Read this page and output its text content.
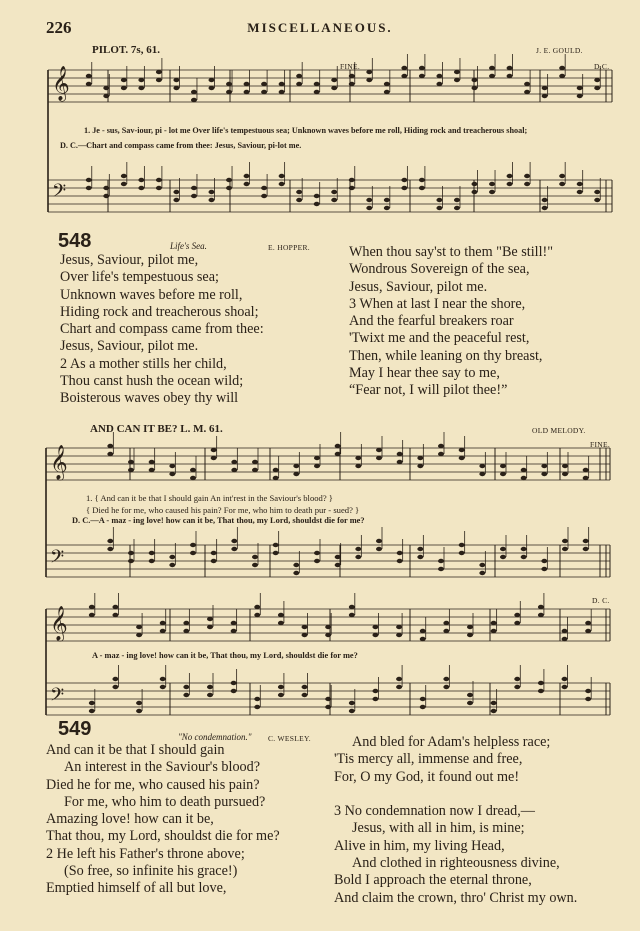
𝄞
𝄢
𝄞
𝄢
𝄞
𝄢
226	MISCELLANEOUS.
PILOT. 7s, 61.	J. E. GOULD.
FINE.	D.C.
1. Je - sus, Sav-iour, pi - lot me Over life's tempestuous sea; Unknown waves before me roll, Hiding rock and treacherous shoal;
D. C.—Chart and compass came from thee: Jesus, Saviour, pi-lot me.
548	Life's Sea.	E. HOPPER.
Jesus, Saviour, pilot me,
Over life's tempestuous sea;
Unknown waves before me roll,
Hiding rock and treacherous shoal;
Chart and compass came from thee:
Jesus, Saviour, pilot me.
2 As a mother stills her child,
Thou canst hush the ocean wild;
Boisterous waves obey thy will
When thou say'st to them "Be still!"
Wondrous Sovereign of the sea,
Jesus, Saviour, pilot me.
3 When at last I near the shore,
And the fearful breakers roar
'Twixt me and the peaceful rest,
Then, while leaning on thy breast,
May I hear thee say to me,
“Fear not, I will pilot thee!”
AND CAN IT BE? L. M. 61.	OLD MELODY.
FINE.
1. { And can it be that I should gain An int'rest in the Saviour's blood? }
{ Died he for me, who caused his pain? For me, who him to death pur - sued? }
D. C.—A - maz - ing love! how can it be, That thou, my Lord, shouldst die for me?
D. C.
A - maz - ing love! how can it be, That thou, my Lord, shouldst die for me?
549	"No condemnation." C. WESLEY.
And can it be that I should gain
An interest in the Saviour's blood?
Died he for me, who caused his pain?
For me, who him to death pursued?
Amazing love! how can it be,
That thou, my Lord, shouldst die for me?
2 He left his Father's throne above;
(So free, so infinite his grace!)
Emptied himself of all but love,
And bled for Adam's helpless race;
'Tis mercy all, immense and free,
For, O my God, it found out me!
3 No condemnation now I dread,—
Jesus, with all in him, is mine;
Alive in him, my living Head,
And clothed in righteousness divine,
Bold I approach the eternal throne,
And claim the crown, thro' Christ my own.
